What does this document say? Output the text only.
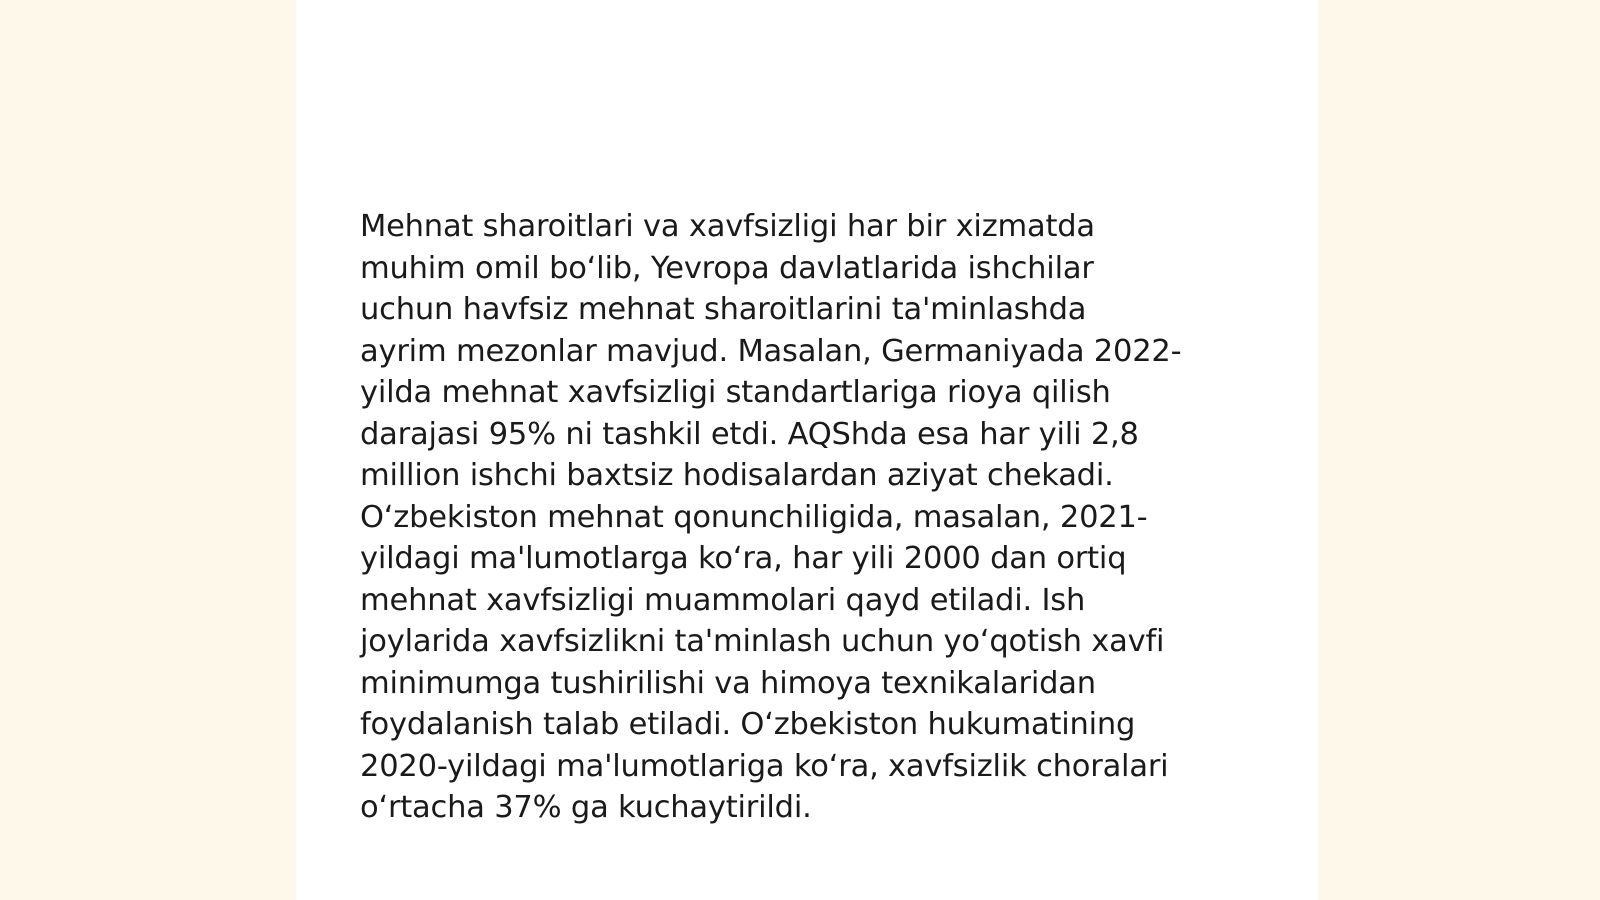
Mehnat sharoitlari va xavfsizligi har bir xizmatda
muhim omil boʻlib, Yevropa davlatlarida ishchilar
uchun havfsiz mehnat sharoitlarini ta'minlashda
ayrim mezonlar mavjud. Masalan, Germaniyada 2022-
yilda mehnat xavfsizligi standartlariga rioya qilish
darajasi 95% ni tashkil etdi. AQShda esa har yili 2,8
million ishchi baxtsiz hodisalardan aziyat chekadi.
Oʻzbekiston mehnat qonunchiligida, masalan, 2021-
yildagi ma'lumotlarga koʻra, har yili 2000 dan ortiq
mehnat xavfsizligi muammolari qayd etiladi. Ish
joylarida xavfsizlikni ta'minlash uchun yoʻqotish xavfi
minimumga tushirilishi va himoya texnikalaridan
foydalanish talab etiladi. Oʻzbekiston hukumatining
2020-yildagi ma'lumotlariga koʻra, xavfsizlik choralari
oʻrtacha 37% ga kuchaytirildi.
